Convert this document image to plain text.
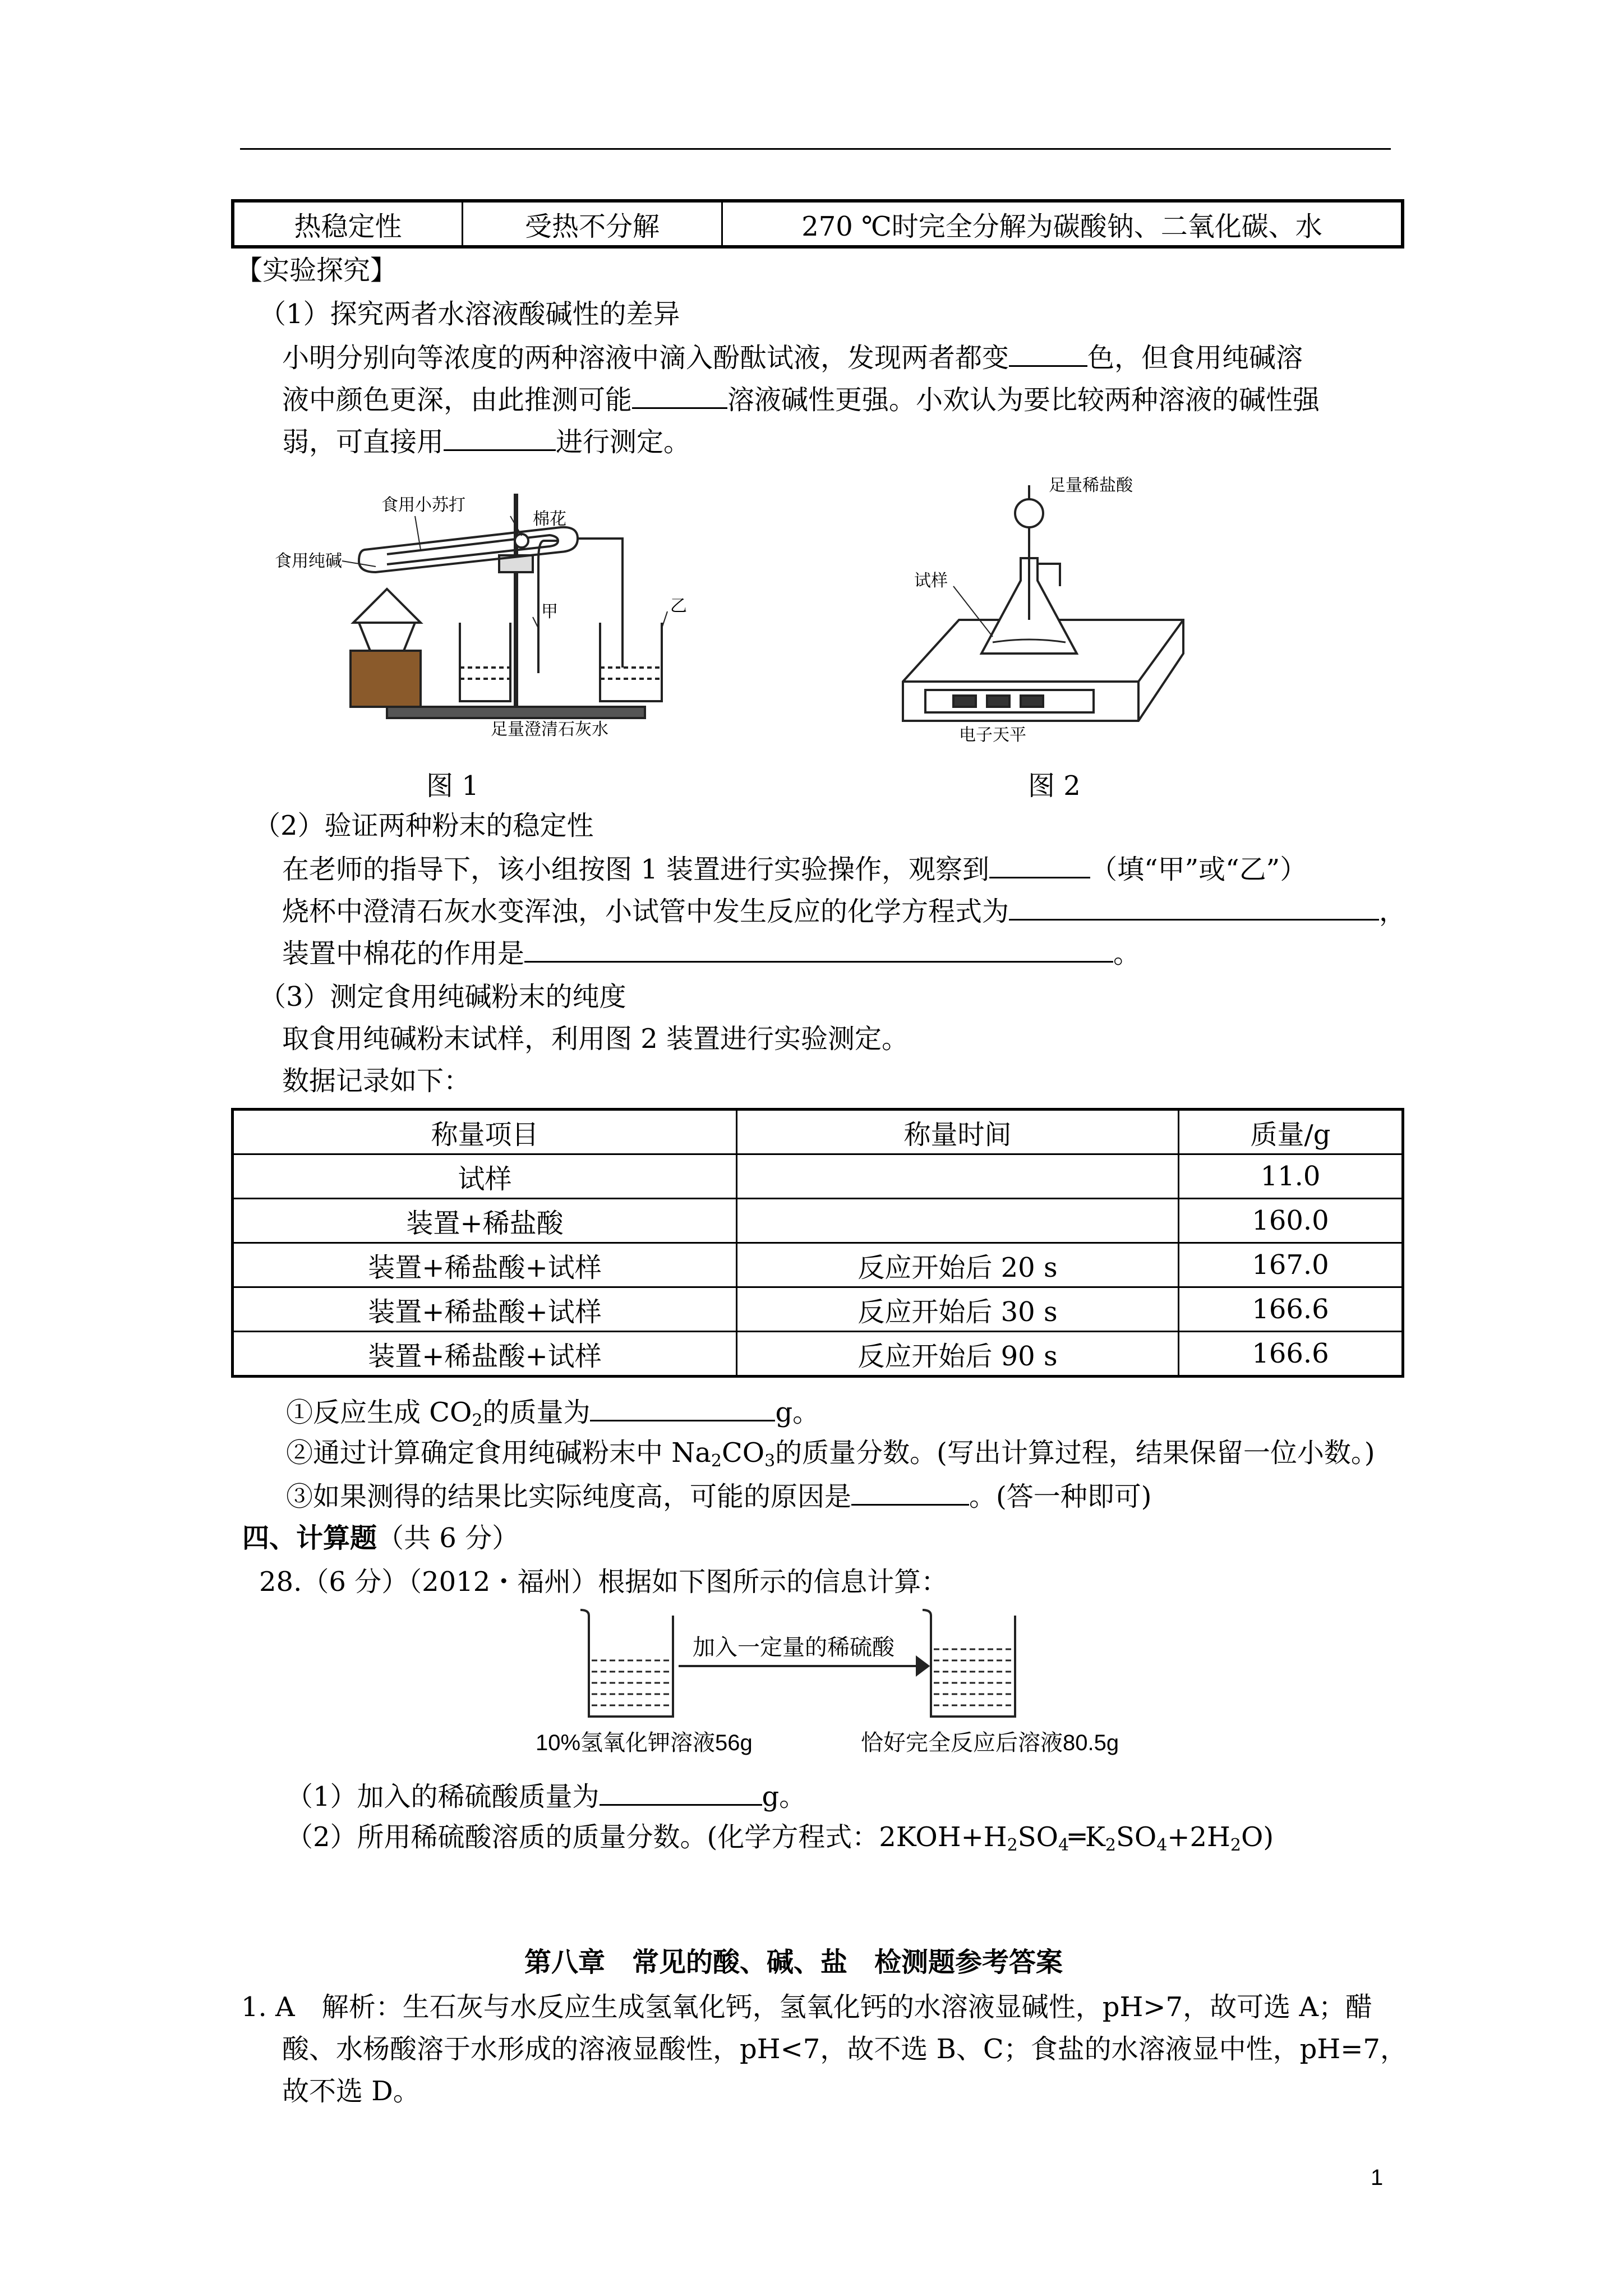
热稳定性	受热不分解	270 ℃时完全分解为碳酸钠、二氧化碳、水
【实验探究】
（1）探究两者水溶液酸碱性的差异
小明分别向等浓度的两种溶液中滴入酚酞试液，发现两者都变	色，但食用纯碱溶
液中颜色更深，由此推测可能	溶液碱性更强。小欢认为要比较两种溶液的碱性强
弱，可直接用	进行测定。
食用小苏打
食用纯碱
棉花
甲	乙
足量澄清石灰水
图 1
足量稀盐酸
试样
电子天平
图 2
（2）验证两种粉末的稳定性
在老师的指导下，该小组按图 1 装置进行实验操作，观察到	（填“甲”或“乙”）
烧杯中澄清石灰水变浑浊，小试管中发生反应的化学方程式为	，
装置中棉花的作用是	。
（3）测定食用纯碱粉末的纯度
取食用纯碱粉末试样，利用图 2 装置进行实验测定。
数据记录如下：
称量项目	称量时间	质量/g
试样		11.0
装置+稀盐酸		160.0
装置+稀盐酸+试样	反应开始后 20 s	167.0
装置+稀盐酸+试样	反应开始后 30 s	166.6
装置+稀盐酸+试样	反应开始后 90 s	166.6
①反应生成 $CO_2$的质量为	g。
②通过计算确定食用纯碱粉末中 $Na_2CO_3$的质量分数。(写出计算过程，结果保留一位小数。)
③如果测得的结果比实际纯度高，可能的原因是	。(答一种即可)
四、计算题（共 6 分）
28.（6 分）（2012・福州）根据如下图所示的信息计算：
加入一定量的稀硫酸
10%氢氧化钾溶液56g	恰好完全反应后溶液80.5g
（1）加入的稀硫酸质量为	g。
（2）所用稀硫酸溶质的质量分数。(化学方程式：$2KOH+H_2SO_4═K_2SO_4+2H_2O$)
第八章　常见的酸、碱、盐　检测题参考答案
1. A　解析：生石灰与水反应生成氢氧化钙，氢氧化钙的水溶液显碱性，pH>7，故可选 A；醋
酸、水杨酸溶于水形成的溶液显酸性，pH<7，故不选 B、C；食盐的水溶液显中性，pH=7，
故不选 D。
1
